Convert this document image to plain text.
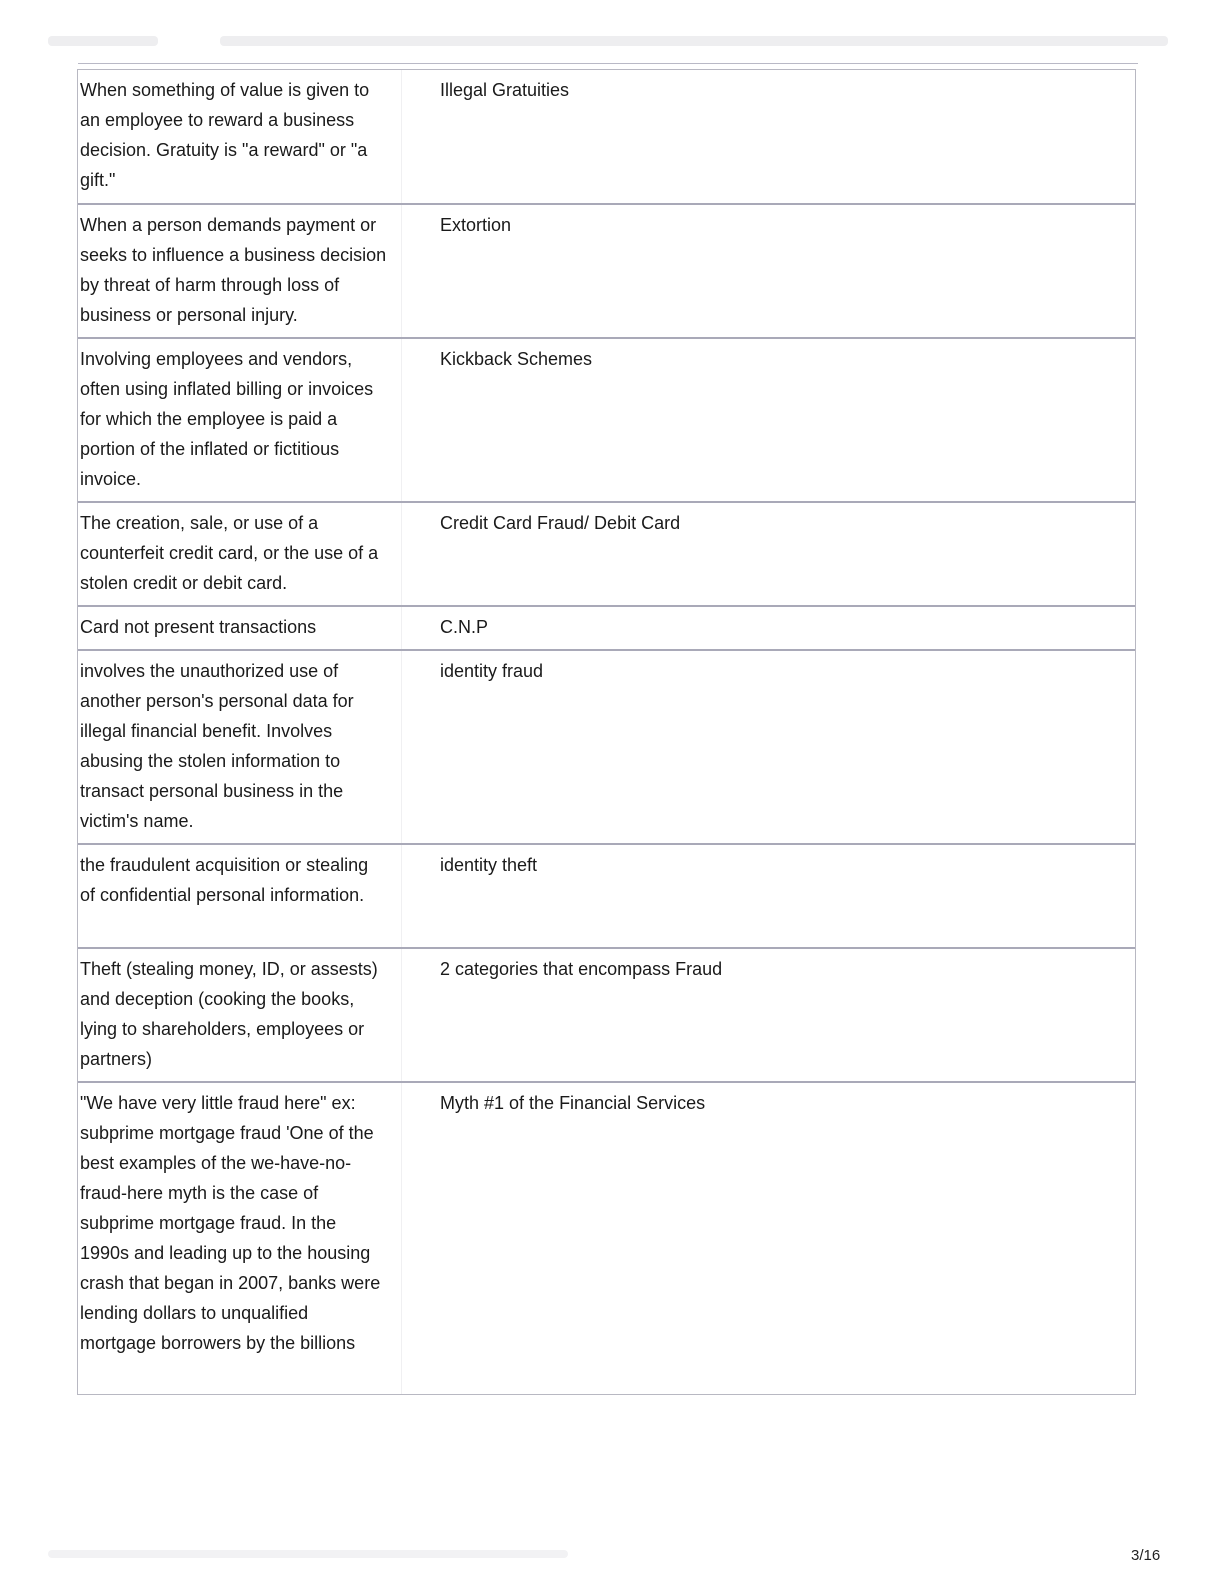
When something of value is given to an employee to reward a business decision. Gratuity is "a reward" or "a gift."
Illegal Gratuities
When a person demands payment or seeks to influence a business decision by threat of harm through loss of business or personal injury.
Extortion
Involving employees and vendors, often using inflated billing or invoices for which the employee is paid a portion of the inflated or fictitious invoice.
Kickback Schemes
The creation, sale, or use of a counterfeit credit card, or the use of a stolen credit or debit card.
Credit Card Fraud/ Debit Card
Card not present transactions	C.N.P
involves the unauthorized use of another person's personal data for illegal financial benefit. Involves abusing the stolen information to transact personal business in the victim's name.
identity fraud
the fraudulent acquisition or stealing of confidential personal information.
identity theft
Theft (stealing money, ID, or assests) and deception (cooking the books, lying to shareholders, employees or partners)
2 categories that encompass Fraud
"We have very little fraud here" ex: subprime mortgage fraud 'One of the best examples of the we-have-no-fraud-here myth is the case of subprime mortgage fraud. In the 1990s and leading up to the housing crash that began in 2007, banks were lending dollars to unqualified mortgage borrowers by the billions
Myth #1 of the Financial Services
3/16
